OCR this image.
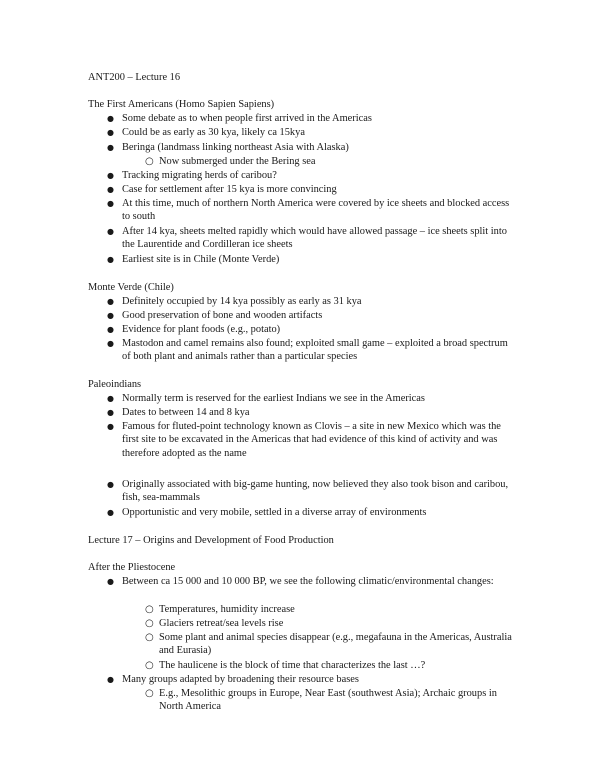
ANT200 – Lecture 16

The First Americans (Homo Sapien Sapiens)

● Some debate as to when people first arrived in the Americas
● Could be as early as 30 kya, likely ca 15kya
● Beringa (landmass linking northeast Asia with Alaska)
○ Now submerged under the Bering sea
● Tracking migrating herds of caribou?
● Case for settlement after 15 kya is more convincing
● At this time, much of northern North America were covered by ice sheets and blocked access to south
● After 14 kya, sheets melted rapidly which would have allowed passage – ice sheets split into the Laurentide and Cordilleran ice sheets
● Earliest site is in Chile (Monte Verde)

Monte Verde (Chile)

● Definitely occupied by 14 kya possibly as early as 31 kya
● Good preservation of bone and wooden artifacts
● Evidence for plant foods (e.g., potato)
● Mastodon and camel remains also found; exploited small game – exploited a broad spectrum of both plant and animals rather than a particular species

Paleoindians

● Normally term is reserved for the earliest Indians we see in the Americas
● Dates to between 14 and 8 kya
● Famous for fluted-point technology known as Clovis – a site in new Mexico which was the first site to be excavated in the Americas that had evidence of this kind of activity and was therefore adopted as the name
● Originally associated with big-game hunting, now believed they also took bison and caribou, fish, sea-mammals
● Opportunistic and very mobile, settled in a diverse array of environments

Lecture 17 – Origins and Development of Food Production

After the Pliestocene

● Between ca 15 000 and 10 000 BP, we see the following climatic/environmental changes:
○ Temperatures, humidity increase
○ Glaciers retreat/sea levels rise
○ Some plant and animal species disappear (e.g., megafauna in the Americas, Australia and Eurasia)
○ The haulicene is the block of time that characterizes the last …?
● Many groups adapted by broadening their resource bases
○ E.g., Mesolithic groups in Europe, Near East (southwest Asia); Archaic groups in North America
